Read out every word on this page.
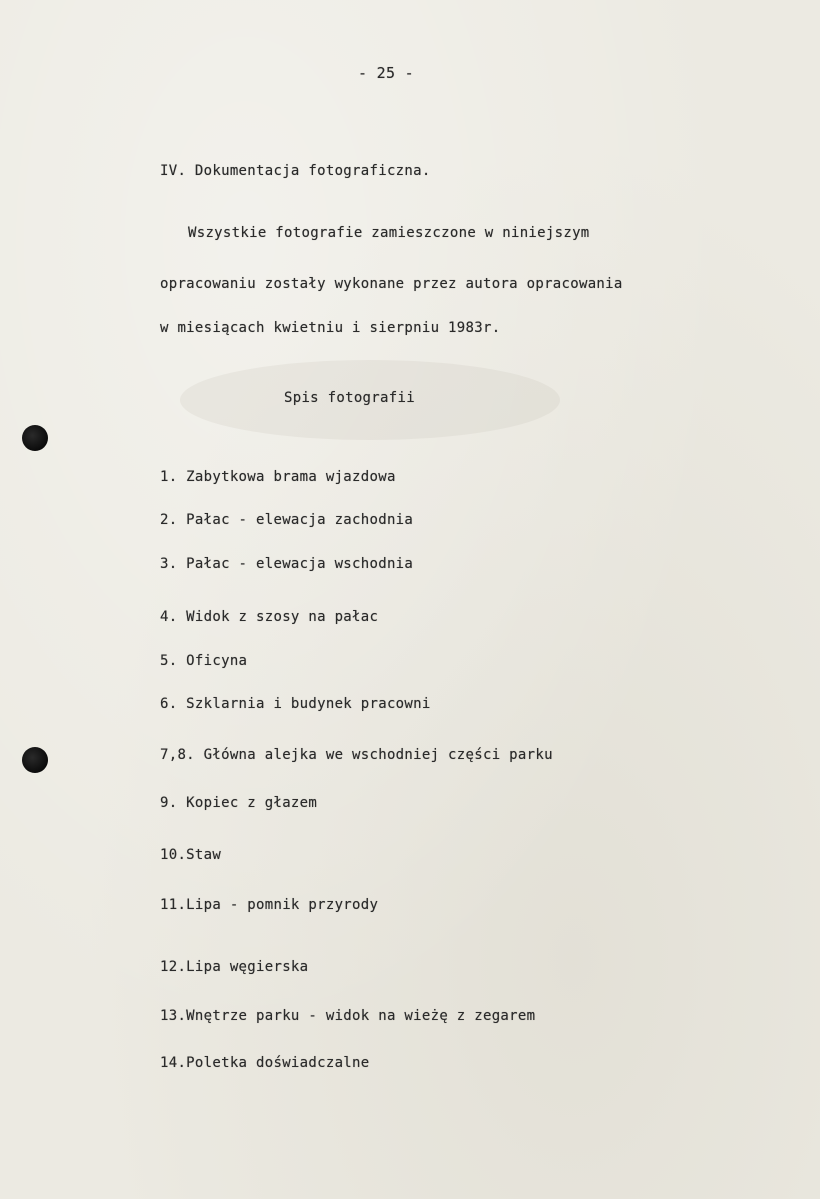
- 25 -
IV. Dokumentacja fotograficzna.
Wszystkie fotografie zamieszczone w niniejszym
opracowaniu zostały wykonane przez autora opracowania
w miesiącach kwietniu i sierpniu 1983r.
Spis fotografii
1. Zabytkowa brama wjazdowa
2. Pałac - elewacja zachodnia
3. Pałac - elewacja wschodnia
4. Widok z szosy na pałac
5. Oficyna
6. Szklarnia i budynek pracowni
7,8. Główna alejka we wschodniej części parku
9. Kopiec z głazem
10.Staw
11.Lipa - pomnik przyrody
12.Lipa węgierska
13.Wnętrze parku - widok na wieżę z zegarem
14.Poletka doświadczalne
